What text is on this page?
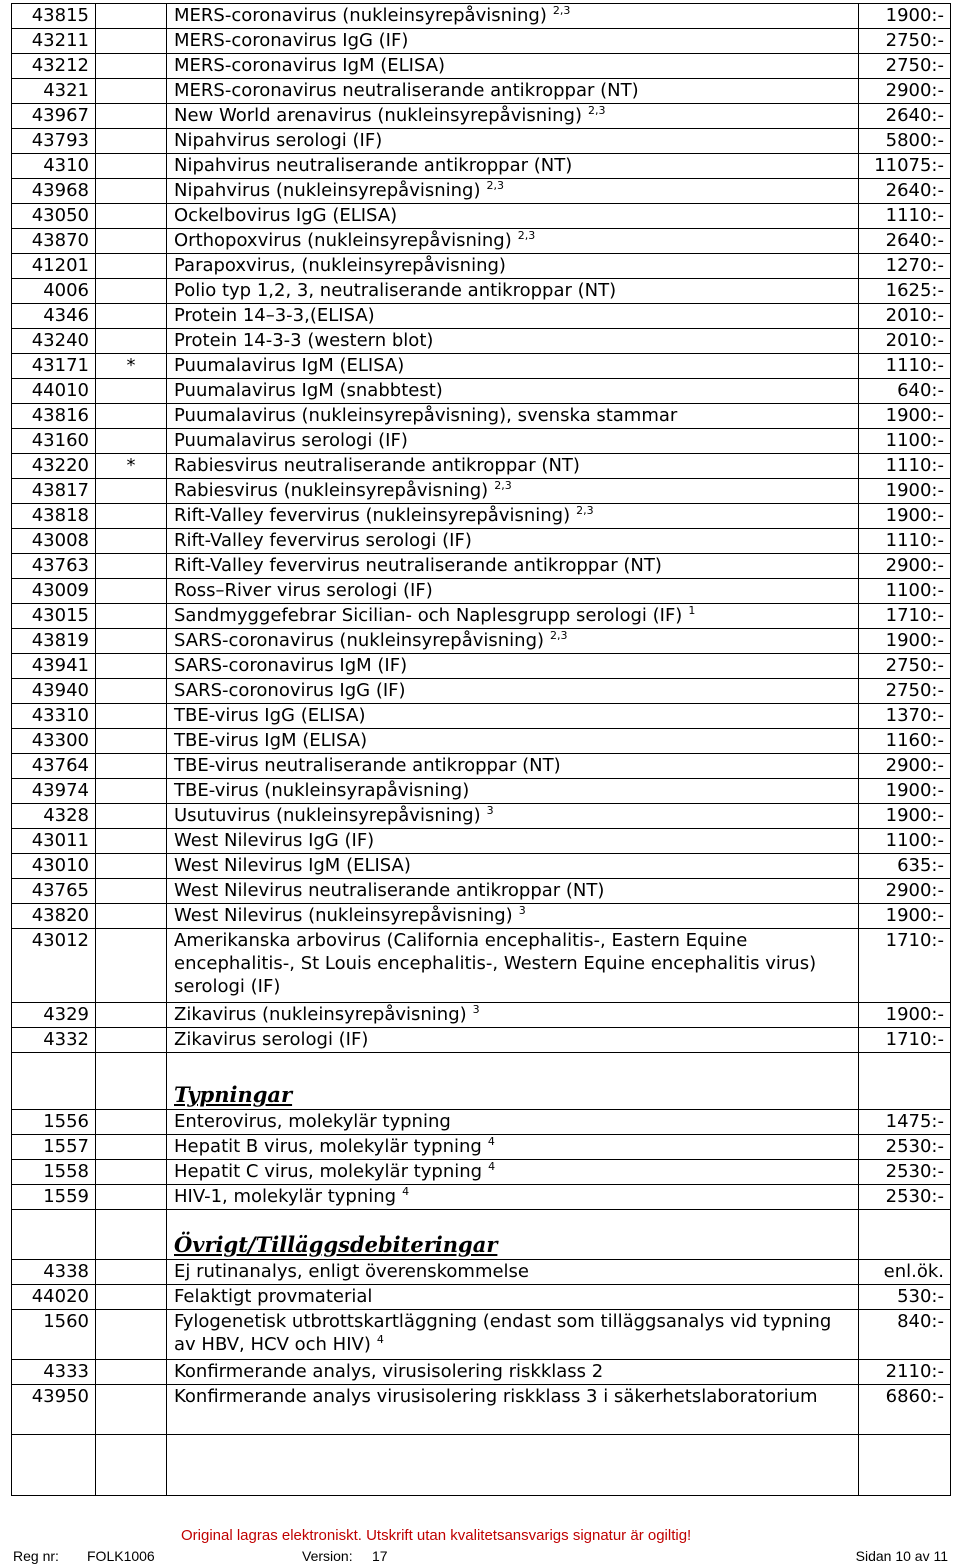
43815		MERS-coronavirus (nukleinsyrepåvisning) $^{2,3}$	1900:-
43211		MERS-coronavirus IgG (IF)	2750:-
43212		MERS-coronavirus IgM (ELISA)	2750:-
4321		MERS-coronavirus neutraliserande antikroppar (NT)	2900:-
43967		New World arenavirus (nukleinsyrepåvisning) $^{2,3}$	2640:-
43793		Nipahvirus serologi (IF)	5800:-
4310		Nipahvirus neutraliserande antikroppar (NT)	11075:-
43968		Nipahvirus (nukleinsyrepåvisning) $^{2,3}$	2640:-
43050		Ockelbovirus IgG (ELISA)	1110:-
43870		Orthopoxvirus (nukleinsyrepåvisning) $^{2,3}$	2640:-
41201		Parapoxvirus, (nukleinsyrepåvisning)	1270:-
4006		Polio typ 1,2, 3, neutraliserande antikroppar (NT)	1625:-
4346		Protein 14–3-3,(ELISA)	2010:-
43240		Protein 14-3-3 (western blot)	2010:-
43171	*	Puumalavirus IgM (ELISA)	1110:-
44010		Puumalavirus IgM (snabbtest)	640:-
43816		Puumalavirus (nukleinsyrepåvisning), svenska stammar	1900:-
43160		Puumalavirus serologi (IF)	1100:-
43220	*	Rabiesvirus neutraliserande antikroppar (NT)	1110:-
43817		Rabiesvirus (nukleinsyrepåvisning) $^{2,3}$	1900:-
43818		Rift-Valley fevervirus (nukleinsyrepåvisning) $^{2,3}$	1900:-
43008		Rift-Valley fevervirus serologi (IF)	1110:-
43763		Rift-Valley fevervirus neutraliserande antikroppar (NT)	2900:-
43009		Ross–River virus serologi (IF)	1100:-
43015		Sandmyggefebrar Sicilian- och Naplesgrupp serologi (IF) $^1$	1710:-
43819		SARS-coronavirus (nukleinsyrepåvisning) $^{2,3}$	1900:-
43941		SARS-coronavirus IgM (IF)	2750:-
43940		SARS-coronovirus IgG (IF)	2750:-
43310		TBE-virus IgG (ELISA)	1370:-
43300		TBE-virus IgM (ELISA)	1160:-
43764		TBE-virus neutraliserande antikroppar (NT)	2900:-
43974		TBE-virus (nukleinsyrapåvisning)	1900:-
4328		Usutuvirus (nukleinsyrepåvisning) $^3$	1900:-
43011		West Nilevirus IgG (IF)	1100:-
43010		West Nilevirus IgM (ELISA)	635:-
43765		West Nilevirus neutraliserande antikroppar (NT)	2900:-
43820		West Nilevirus (nukleinsyrepåvisning) $^3$	1900:-
43012		Amerikanska arbovirus (California encephalitis-, Eastern Equine encephalitis-, St Louis encephalitis-, Western Equine encephalitis virus) serologi (IF)	1710:-
4329		Zikavirus (nukleinsyrepåvisning) $^3$	1900:-
4332		Zikavirus serologi (IF)	1710:-
		Typningar	
1556		Enterovirus, molekylär typning	1475:-
1557		Hepatit B virus, molekylär typning $^4$	2530:-
1558		Hepatit C virus, molekylär typning $^4$	2530:-
1559		HIV-1, molekylär typning $^4$	2530:-
		Övrigt/Tilläggsdebiteringar	
4338		Ej rutinanalys, enligt överenskommelse	enl.ök.
44020		Felaktigt provmaterial	530:-
1560		Fylogenetisk utbrottskartläggning (endast som tilläggsanalys vid typning av HBV, HCV och HIV) $^4$	840:-
4333		Konfirmerande analys, virusisolering riskklass 2	2110:-
43950		Konfirmerande analys virusisolering riskklass 3 i säkerhetslaboratorium	6860:-

Original lagras elektroniskt. Utskrift utan kvalitetsansvarigs signatur är ogiltig!
Reg nr: FOLK1006	Version: 17	Sidan 10 av 11
